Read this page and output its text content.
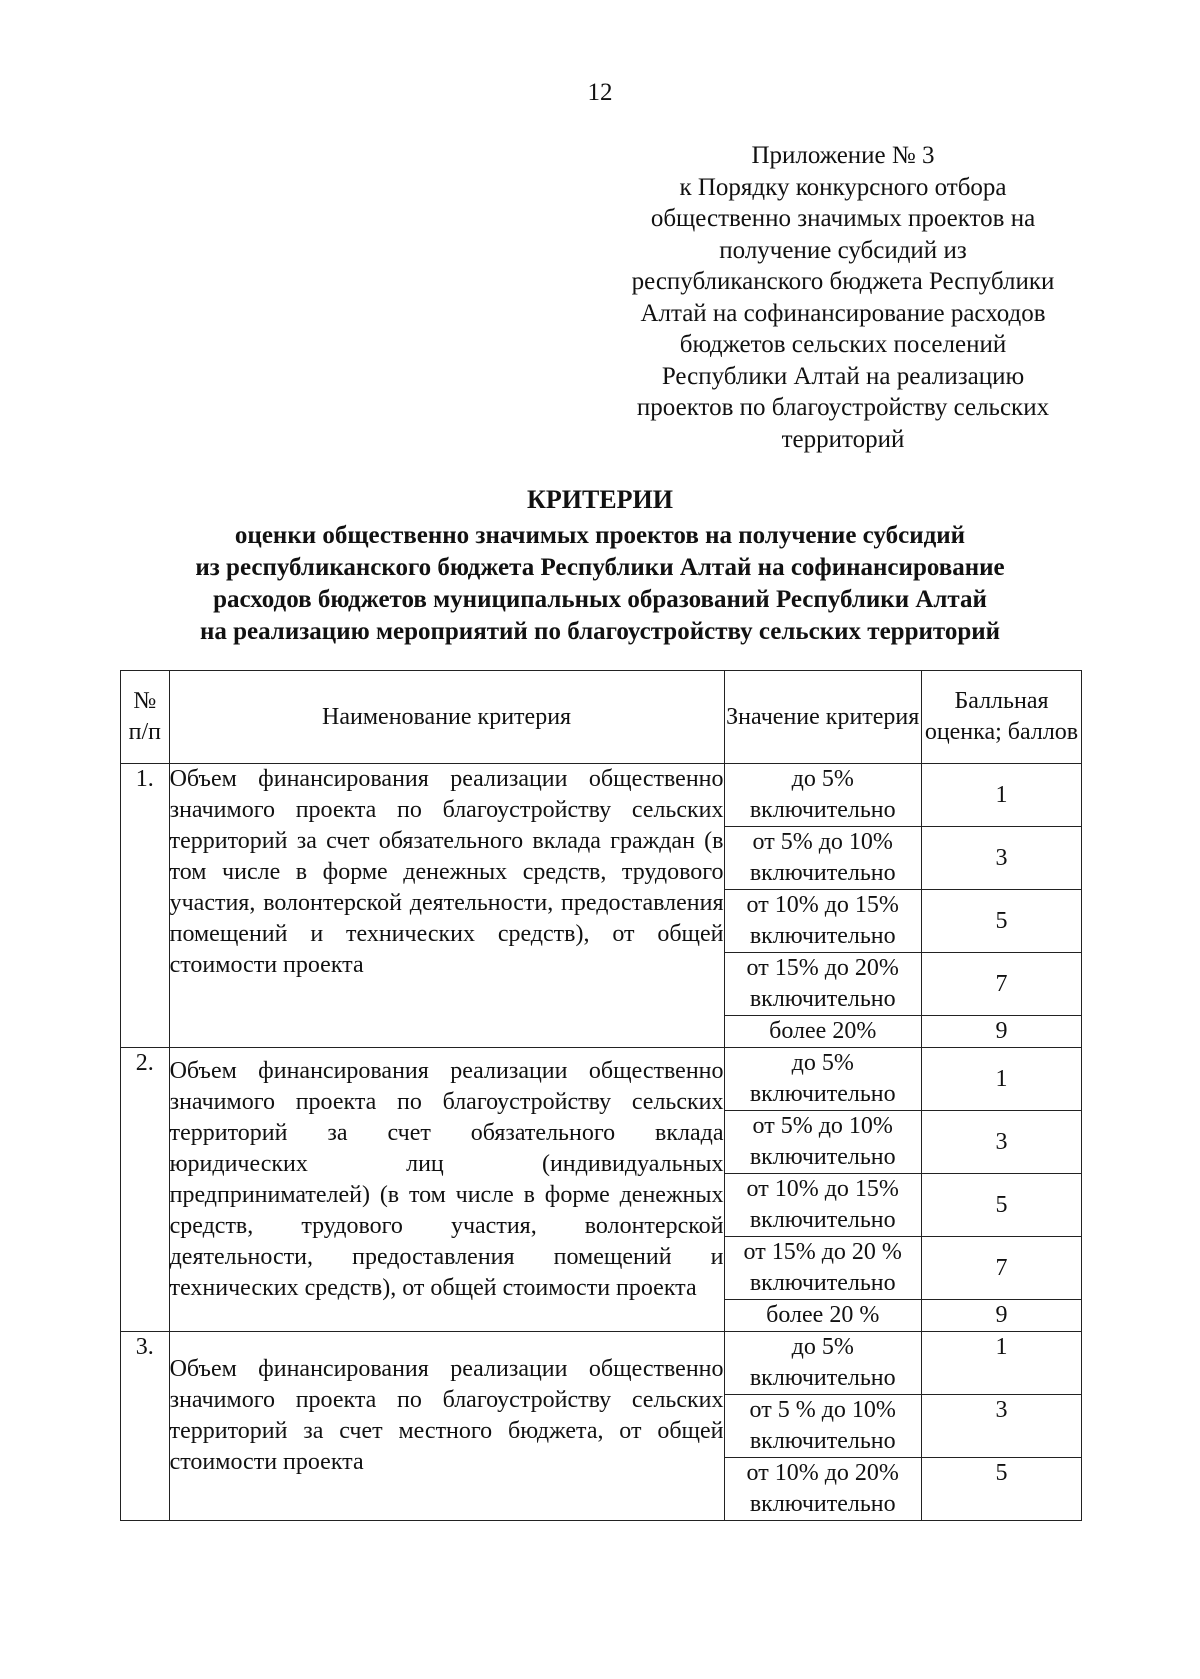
12
Приложение № 3
к Порядку конкурсного отбора
общественно значимых проектов на
получение субсидий из
республиканского бюджета Республики
Алтай на софинансирование расходов
бюджетов сельских поселений
Республики Алтай на реализацию
проектов по благоустройству сельских
территорий
КРИТЕРИИ
оценки общественно значимых проектов на получение субсидий
из республиканского бюджета Республики Алтай на софинансирование
расходов бюджетов муниципальных образований Республики Алтай
на реализацию мероприятий по благоустройству сельских территорий
№ п/п	Наименование критерия	Значение критерия	Балльная оценка; баллов
1.	Объем финансирования реализации общественно значимого проекта по благоустройству сельских территорий за счет обязательного вклада граждан (в том числе в форме денежных средств, трудового участия, волонтерской деятельности, предоставления помещений и технических средств), от общей стоимости проекта	до 5% включительно	1
		от 5% до 10% включительно	3
		от 10% до 15% включительно	5
		от 15% до 20% включительно	7
		более 20%	9
2.	Объем финансирования реализации общественно значимого проекта по благоустройству сельских территорий за счет обязательного вклада юридических лиц (индивидуальных предпринимателей) (в том числе в форме денежных средств, трудового участия, волонтерской деятельности, предоставления помещений и технических средств), от общей стоимости проекта	до 5% включительно	1
		от 5% до 10% включительно	3
		от 10% до 15% включительно	5
		от 15% до 20 % включительно	7
		более 20 %	9
3.	Объем финансирования реализации общественно значимого проекта по благоустройству сельских территорий за счет местного бюджета, от общей стоимости проекта	до 5% включительно	1
		от 5 % до 10% включительно	3
		от 10% до 20% включительно	5
